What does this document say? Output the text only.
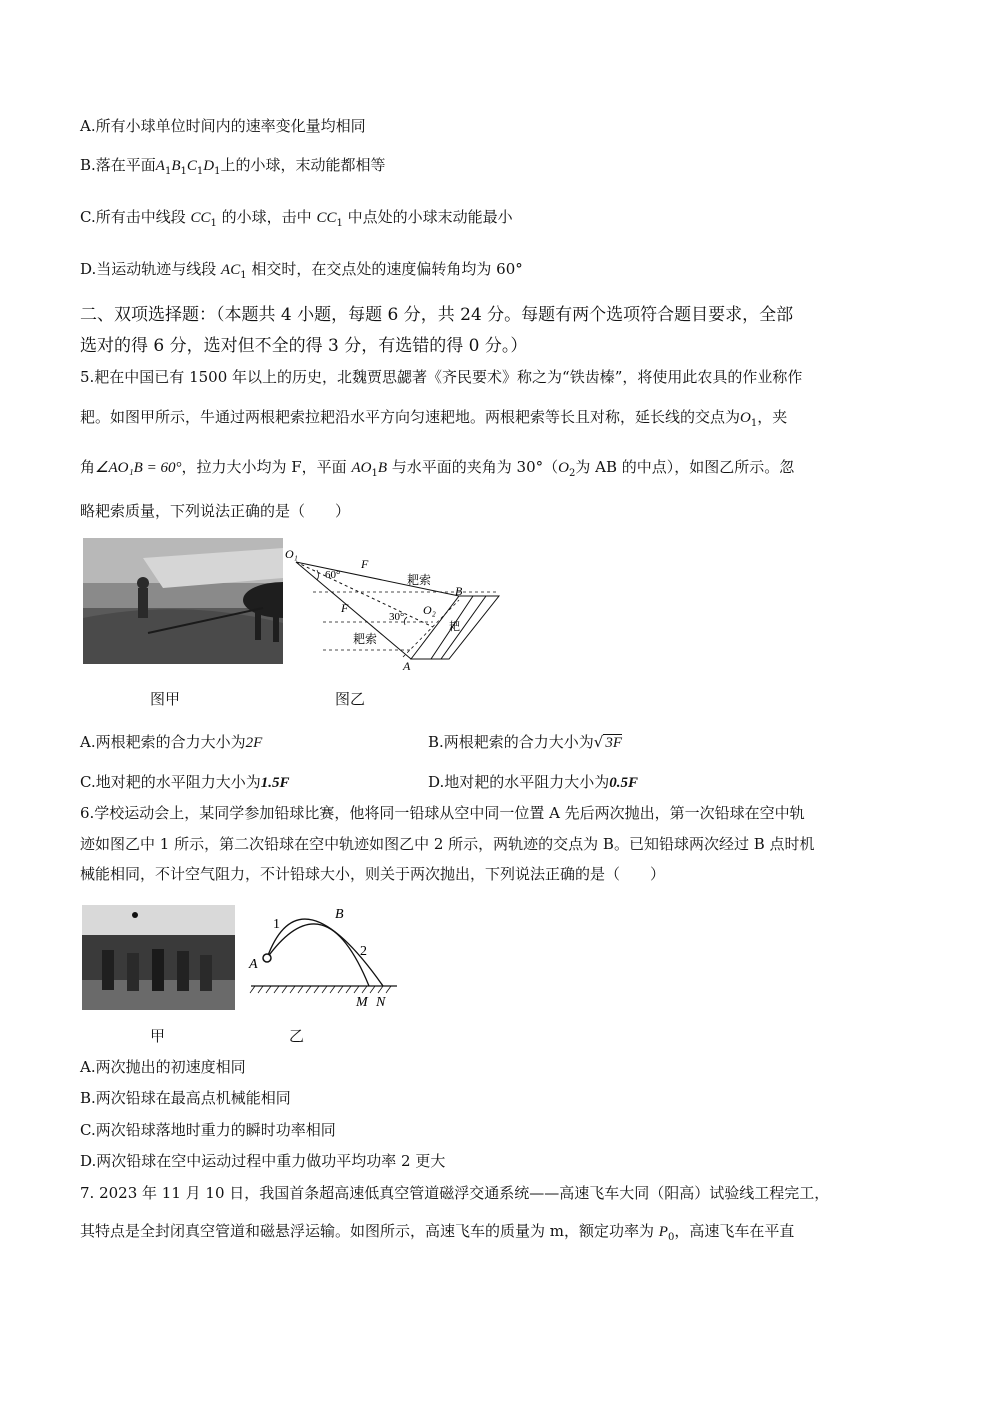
A.所有小球单位时间内的速率变化量均相同
B.落在平面$A_1B_1C_1D_1$上的小球，末动能都相等
C.所有击中线段 $CC_1$ 的小球，击中 $CC_1$ 中点处的小球末动能最小
D.当运动轨迹与线段 $AC_1$ 相交时，在交点处的速度偏转角均为 60°
二、双项选择题：（本题共 4 小题，每题 6 分，共 24 分。每题有两个选项符合题目要求，全部
选对的得 6 分，选对但不全的得 3 分，有选错的得 0 分。）
5.耙在中国已有 1500 年以上的历史，北魏贾思勰著《齐民要术》称之为“铁齿榛”，将使用此农具的作业称作
耙。如图甲所示，牛通过两根耙索拉耙沿水平方向匀速耙地。两根耙索等长且对称，延长线的交点为$O_1$，夹
角∠AO₁B = 60°，拉力大小均为 F，平面 $AO_1B$ 与水平面的夹角为 $30^\circ(O_2$为 AB 的中点），如图乙所示。忽
略耙索质量，下列说法正确的是（　　）
O₁
60°
F
耙索
B
F
30° O₂
耙
耙索
A
图甲	图乙
A.两根耙索的合力大小为2F	B.两根耙索的合力大小为√ 3F
C.地对耙的水平阻力大小为1.5F	D.地对耙的水平阻力大小为0.5F
6.学校运动会上，某同学参加铅球比赛，他将同一铅球从空中同一位置 A 先后两次抛出，第一次铅球在空中轨
迹如图乙中 1 所示，第二次铅球在空中轨迹如图乙中 2 所示，两轨迹的交点为 B。已知铅球两次经过 B 点时机
械能相同，不计空气阻力，不计铅球大小，则关于两次抛出，下列说法正确的是（　　）
1
B
2
A
M N
甲	乙
A.两次抛出的初速度相同
B.两次铅球在最高点机械能相同
C.两次铅球落地时重力的瞬时功率相同
D.两次铅球在空中运动过程中重力做功平均功率 2 更大
7. 2023 年 11 月 10 日，我国首条超高速低真空管道磁浮交通系统——高速飞车大同（阳高）试验线工程完工，
其特点是全封闭真空管道和磁悬浮运输。如图所示，高速飞车的质量为 m，额定功率为 $P_0$，高速飞车在平直
